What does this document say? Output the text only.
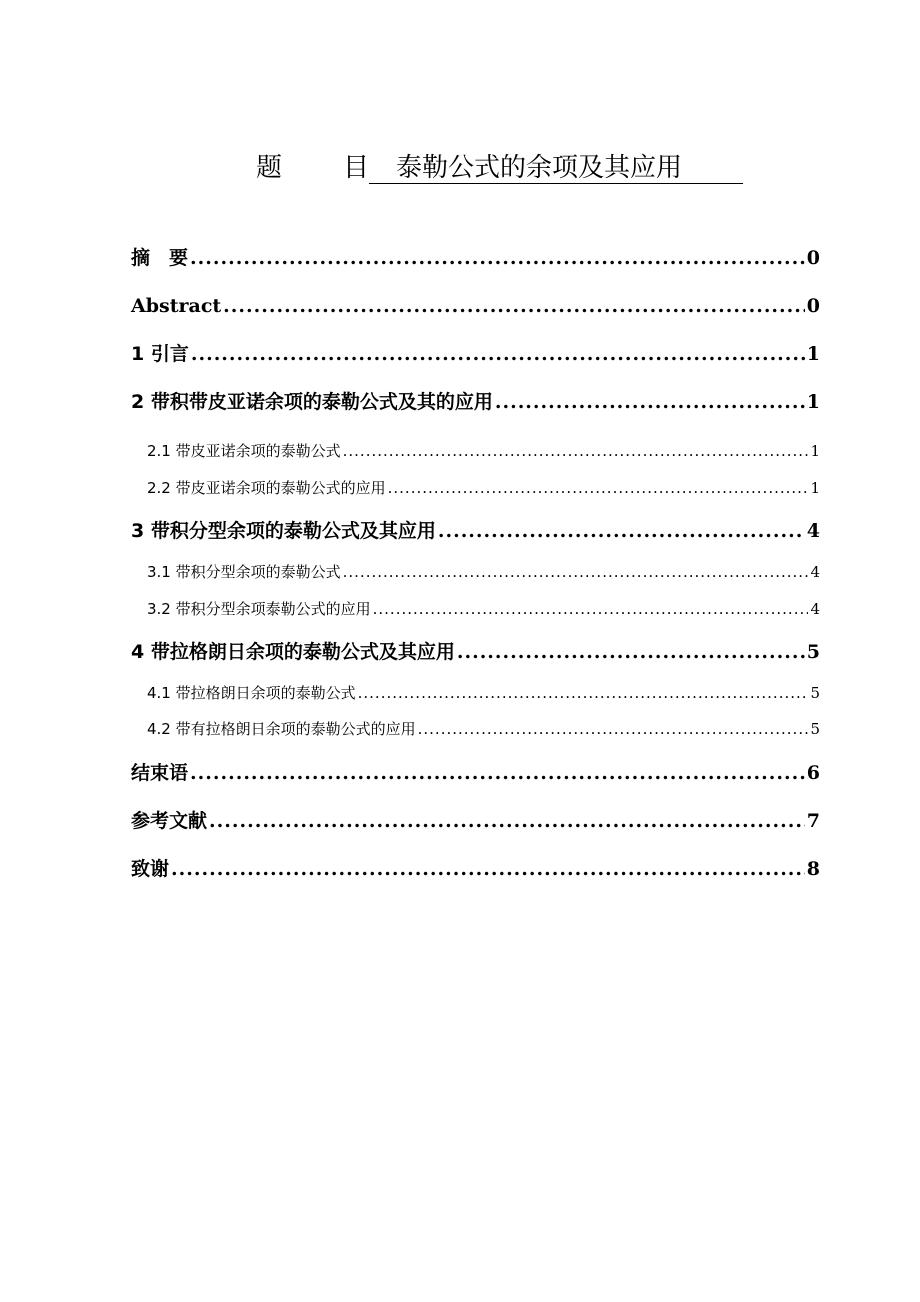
题 目 泰勒公式的余项及其应用
摘　要 .....	0
Abstract .....	0
1 引言 .....	1
2 带积带皮亚诺余项的泰勒公式及其的应用 .....	1
2.1 带皮亚诺余项的泰勒公式 .....	1
2.2 带皮亚诺余项的泰勒公式的应用 .....	1
3 带积分型余项的泰勒公式及其应用 .....	4
3.1 带积分型余项的泰勒公式 .....	4
3.2 带积分型余项泰勒公式的应用 .....	4
4 带拉格朗日余项的泰勒公式及其应用 .....	5
4.1 带拉格朗日余项的泰勒公式 .....	5
4.2 带有拉格朗日余项的泰勒公式的应用 .....	5
结束语 .....	6
参考文献 .....	7
致谢 .....	8
